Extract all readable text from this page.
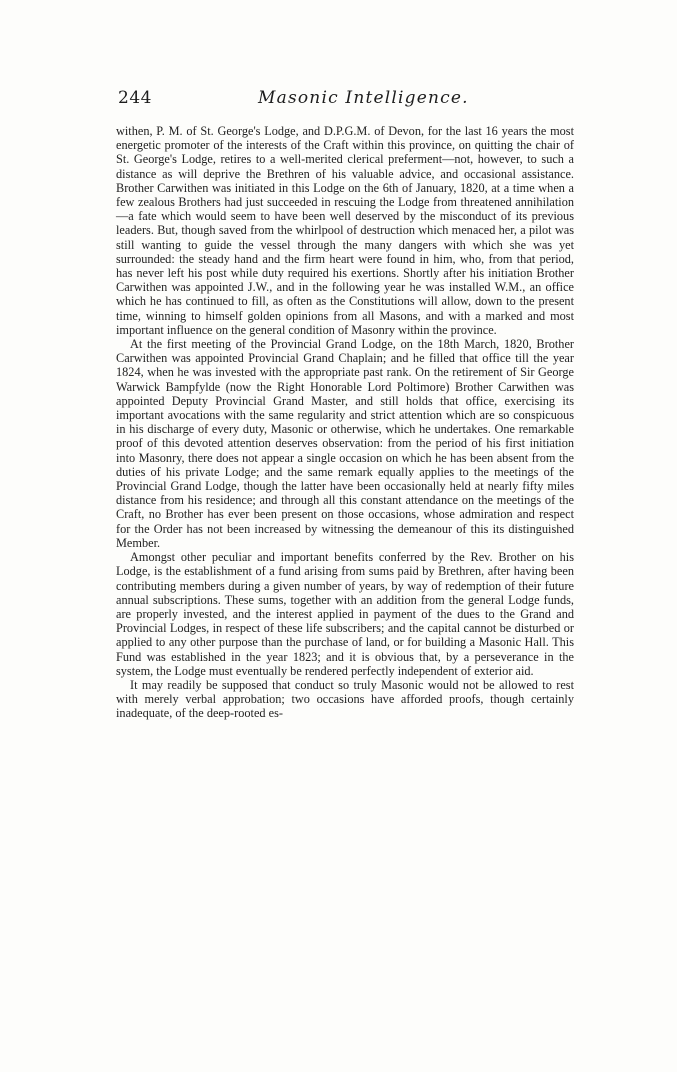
244	Masonic Intelligence.

withen, P. M. of St. George's Lodge, and D.P.G.M. of Devon, for the last 16 years the most energetic promoter of the interests of the Craft within this province, on quitting the chair of St. George's Lodge, retires to a well-merited clerical preferment—not, however, to such a distance as will deprive the Brethren of his valuable advice, and occasional assistance. Brother Carwithen was initiated in this Lodge on the 6th of January, 1820, at a time when a few zealous Brothers had just succeeded in rescuing the Lodge from threatened annihilation—a fate which would seem to have been well deserved by the misconduct of its previous leaders. But, though saved from the whirlpool of destruction which menaced her, a pilot was still wanting to guide the vessel through the many dangers with which she was yet surrounded: the steady hand and the firm heart were found in him, who, from that period, has never left his post while duty required his exertions. Shortly after his initiation Brother Carwithen was appointed J.W., and in the following year he was installed W.M., an office which he has continued to fill, as often as the Constitutions will allow, down to the present time, winning to himself golden opinions from all Masons, and with a marked and most important influence on the general condition of Masonry within the province.

At the first meeting of the Provincial Grand Lodge, on the 18th March, 1820, Brother Carwithen was appointed Provincial Grand Chaplain; and he filled that office till the year 1824, when he was invested with the appropriate past rank. On the retirement of Sir George Warwick Bampfylde (now the Right Honorable Lord Poltimore) Brother Carwithen was appointed Deputy Provincial Grand Master, and still holds that office, exercising its important avocations with the same regularity and strict attention which are so conspicuous in his discharge of every duty, Masonic or otherwise, which he undertakes. One remarkable proof of this devoted attention deserves observation: from the period of his first initiation into Masonry, there does not appear a single occasion on which he has been absent from the duties of his private Lodge; and the same remark equally applies to the meetings of the Provincial Grand Lodge, though the latter have been occasionally held at nearly fifty miles distance from his residence; and through all this constant attendance on the meetings of the Craft, no Brother has ever been present on those occasions, whose admiration and respect for the Order has not been increased by witnessing the demeanour of this its distinguished Member.

Amongst other peculiar and important benefits conferred by the Rev. Brother on his Lodge, is the establishment of a fund arising from sums paid by Brethren, after having been contributing members during a given number of years, by way of redemption of their future annual subscriptions. These sums, together with an addition from the general Lodge funds, are properly invested, and the interest applied in payment of the dues to the Grand and Provincial Lodges, in respect of these life subscribers; and the capital cannot be disturbed or applied to any other purpose than the purchase of land, or for building a Masonic Hall. This Fund was established in the year 1823; and it is obvious that, by a perseverance in the system, the Lodge must eventually be rendered perfectly independent of exterior aid.

It may readily be supposed that conduct so truly Masonic would not be allowed to rest with merely verbal approbation; two occasions have afforded proofs, though certainly inadequate, of the deep-rooted es-
